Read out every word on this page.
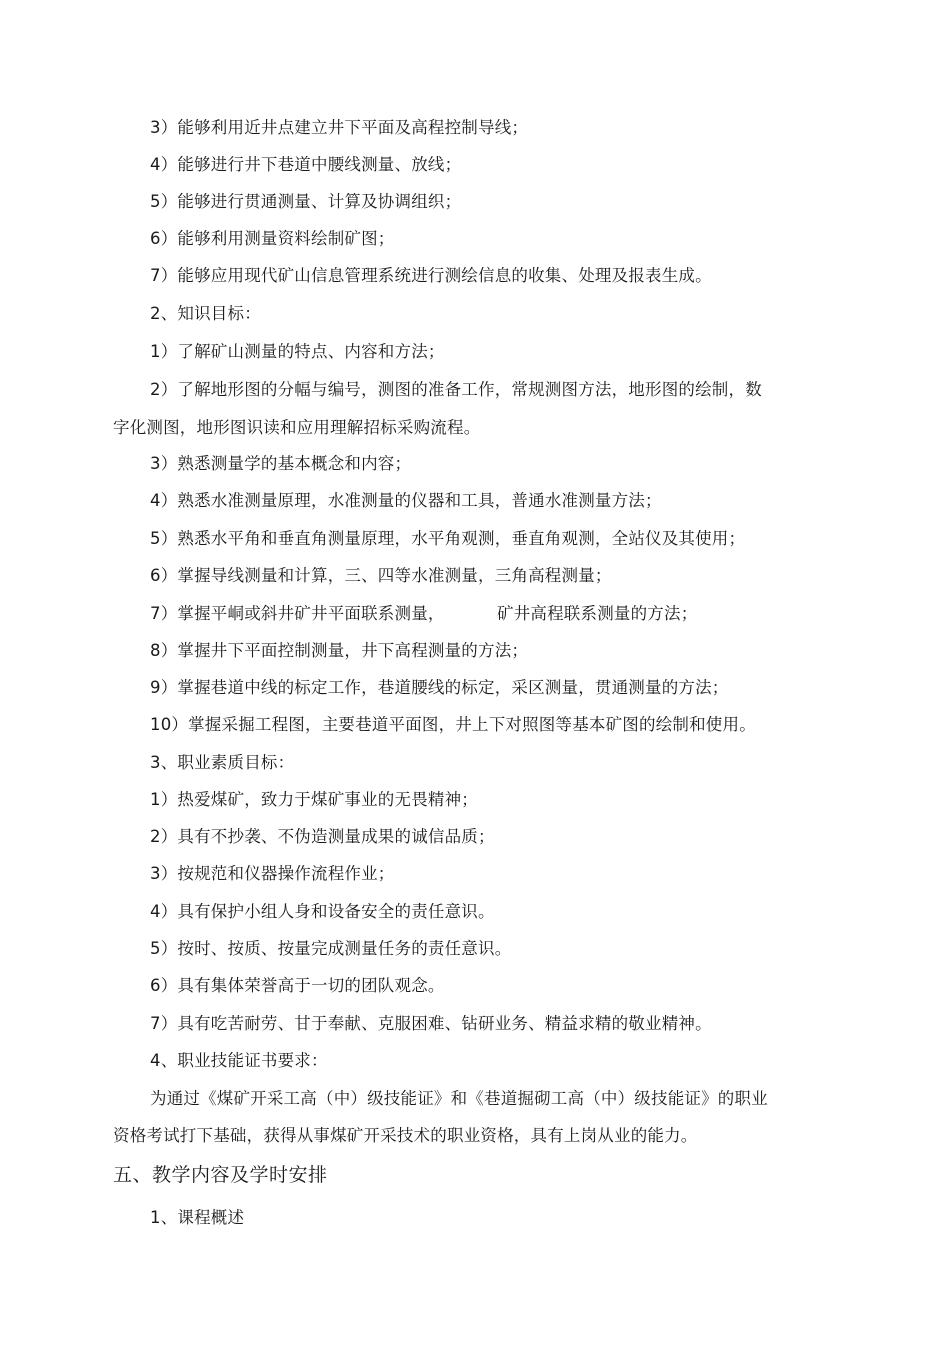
3）能够利用近井点建立井下平面及高程控制导线；
4）能够进行井下巷道中腰线测量、放线；
5）能够进行贯通测量、计算及协调组织；
6）能够利用测量资料绘制矿图；
7）能够应用现代矿山信息管理系统进行测绘信息的收集、处理及报表生成。
2、知识目标：
1）了解矿山测量的特点、内容和方法；
2）了解地形图的分幅与编号，测图的准备工作，常规测图方法，地形图的绘制，数
字化测图，地形图识读和应用理解招标采购流程。
3）熟悉测量学的基本概念和内容；
4）熟悉水准测量原理，水准测量的仪器和工具，普通水准测量方法；
5）熟悉水平角和垂直角测量原理，水平角观测，垂直角观测，全站仪及其使用；
6）掌握导线测量和计算，三、四等水准测量，三角高程测量；
7）掌握平峒或斜井矿井平面联系测量，	矿井高程联系测量的方法；
8）掌握井下平面控制测量，井下高程测量的方法；
9）掌握巷道中线的标定工作，巷道腰线的标定，采区测量，贯通测量的方法；
10）掌握采掘工程图，主要巷道平面图，井上下对照图等基本矿图的绘制和使用。
3、职业素质目标：
1）热爱煤矿，致力于煤矿事业的无畏精神；
2）具有不抄袭、不伪造测量成果的诚信品质；
3）按规范和仪器操作流程作业；
4）具有保护小组人身和设备安全的责任意识。
5）按时、按质、按量完成测量任务的责任意识。
6）具有集体荣誉高于一切的团队观念。
7）具有吃苦耐劳、甘于奉献、克服困难、钻研业务、精益求精的敬业精神。
4、职业技能证书要求：
为通过《煤矿开采工高（中）级技能证》和《巷道掘砌工高（中）级技能证》的职业
资格考试打下基础，获得从事煤矿开采技术的职业资格，具有上岗从业的能力。
五、教学内容及学时安排
1、课程概述
